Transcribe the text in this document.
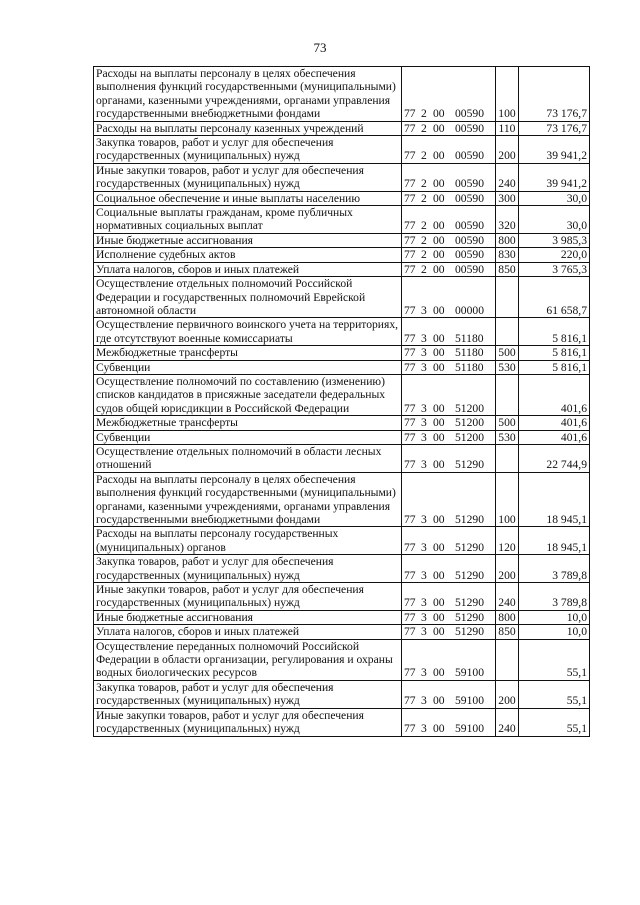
73
Расходы на выплаты персоналу в целях обеспечения выполнения функций государственными (муниципальными) органами, казенными учреждениями, органами управления государственными внебюджетными фондами	77 2 00 00590	100	73 176,7
Расходы на выплаты персоналу казенных учреждений	77 2 00 00590	110	73 176,7
Закупка товаров, работ и услуг для обеспечения государственных (муниципальных) нужд	77 2 00 00590	200	39 941,2
Иные закупки товаров, работ и услуг для обеспечения государственных (муниципальных) нужд	77 2 00 00590	240	39 941,2
Социальное обеспечение и иные выплаты населению	77 2 00 00590	300	30,0
Социальные выплаты гражданам, кроме публичных нормативных социальных выплат	77 2 00 00590	320	30,0
Иные бюджетные ассигнования	77 2 00 00590	800	3 985,3
Исполнение судебных актов	77 2 00 00590	830	220,0
Уплата налогов, сборов и иных платежей	77 2 00 00590	850	3 765,3
Осуществление отдельных полномочий Российской Федерации и государственных полномочий Еврейской автономной области	77 3 00 00000		61 658,7
Осуществление первичного воинского учета на территориях, где отсутствуют военные комиссариаты	77 3 00 51180		5 816,1
Межбюджетные трансферты	77 3 00 51180	500	5 816,1
Субвенции	77 3 00 51180	530	5 816,1
Осуществление полномочий по составлению (изменению) списков кандидатов в присяжные заседатели федеральных судов общей юрисдикции в Российской Федерации	77 3 00 51200		401,6
Межбюджетные трансферты	77 3 00 51200	500	401,6
Субвенции	77 3 00 51200	530	401,6
Осуществление отдельных полномочий в области лесных отношений	77 3 00 51290		22 744,9
Расходы на выплаты персоналу в целях обеспечения выполнения функций государственными (муниципальными) органами, казенными учреждениями, органами управления государственными внебюджетными фондами	77 3 00 51290	100	18 945,1
Расходы на выплаты персоналу государственных (муниципальных) органов	77 3 00 51290	120	18 945,1
Закупка товаров, работ и услуг для обеспечения государственных (муниципальных) нужд	77 3 00 51290	200	3 789,8
Иные закупки товаров, работ и услуг для обеспечения государственных (муниципальных) нужд	77 3 00 51290	240	3 789,8
Иные бюджетные ассигнования	77 3 00 51290	800	10,0
Уплата налогов, сборов и иных платежей	77 3 00 51290	850	10,0
Осуществление переданных полномочий Российской Федерации в области организации, регулирования и охраны водных биологических ресурсов	77 3 00 59100		55,1
Закупка товаров, работ и услуг для обеспечения государственных (муниципальных) нужд	77 3 00 59100	200	55,1
Иные закупки товаров, работ и услуг для обеспечения государственных (муниципальных) нужд	77 3 00 59100	240	55,1
